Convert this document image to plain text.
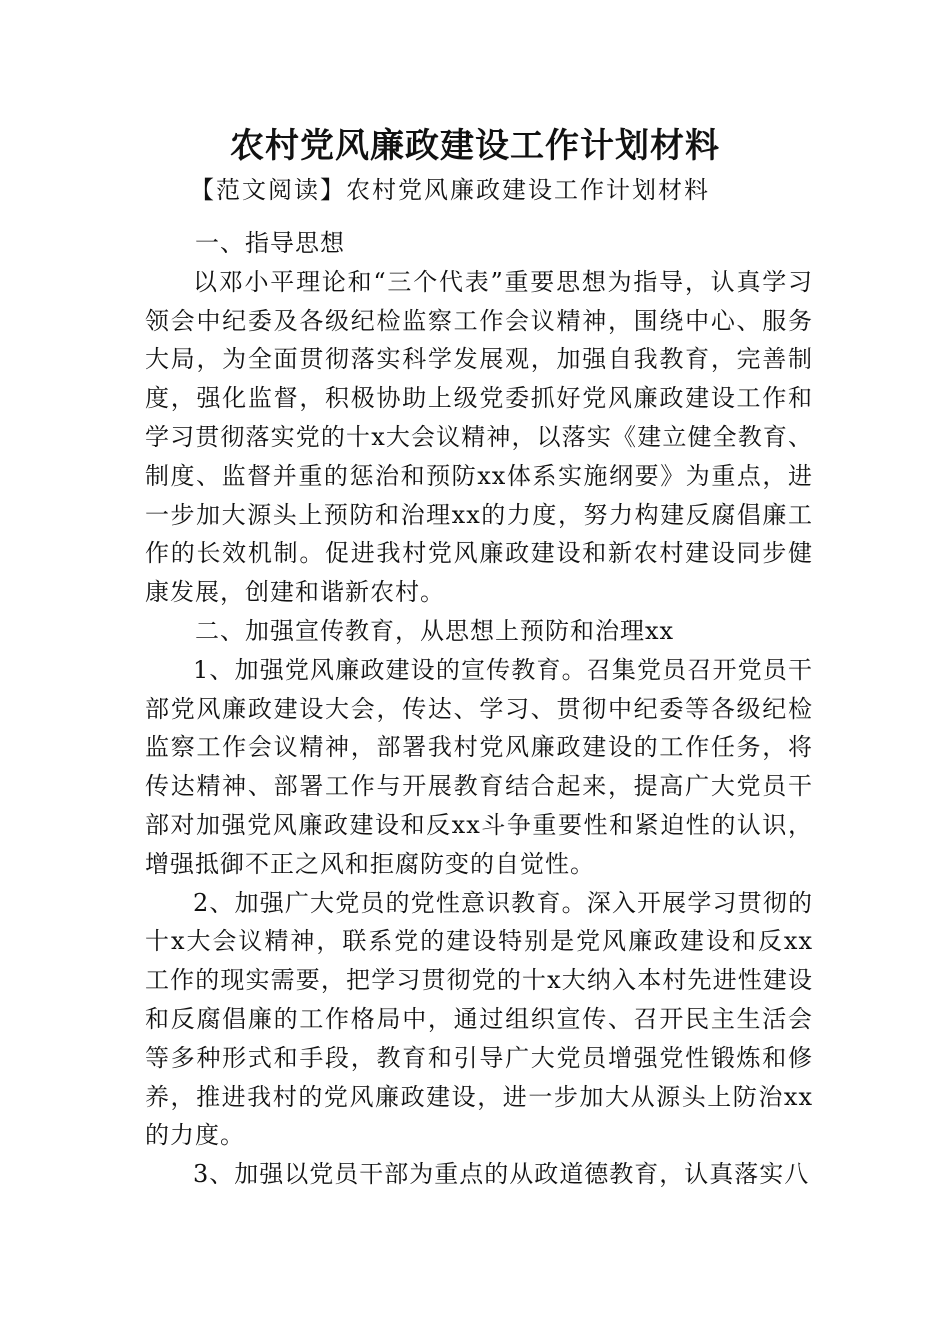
农村党风廉政建设工作计划材料
【范文阅读】农村党风廉政建设工作计划材料

一、指导思想

以邓小平理论和“三个代表”重要思想为指导，认真学习领会中纪委及各级纪检监察工作会议精神，围绕中心、服务大局，为全面贯彻落实科学发展观，加强自我教育，完善制度，强化监督，积极协助上级党委抓好党风廉政建设工作和学习贯彻落实党的十x大会议精神，以落实《建立健全教育、制度、监督并重的惩治和预防xx体系实施纲要》为重点，进一步加大源头上预防和治理xx的力度，努力构建反腐倡廉工作的长效机制。促进我村党风廉政建设和新农村建设同步健康发展，创建和谐新农村。

二、加强宣传教育，从思想上预防和治理xx

1、加强党风廉政建设的宣传教育。召集党员召开党员干部党风廉政建设大会，传达、学习、贯彻中纪委等各级纪检监察工作会议精神，部署我村党风廉政建设的工作任务，将传达精神、部署工作与开展教育结合起来，提高广大党员干部对加强党风廉政建设和反xx斗争重要性和紧迫性的认识，增强抵御不正之风和拒腐防变的自觉性。

2、加强广大党员的党性意识教育。深入开展学习贯彻的十x大会议精神，联系党的建设特别是党风廉政建设和反xx工作的现实需要，把学习贯彻党的十x大纳入本村先进性建设和反腐倡廉的工作格局中，通过组织宣传、召开民主生活会等多种形式和手段，教育和引导广大党员增强党性锻炼和修养，推进我村的党风廉政建设，进一步加大从源头上防治xx的力度。

3、加强以党员干部为重点的从政道德教育，认真落实八
